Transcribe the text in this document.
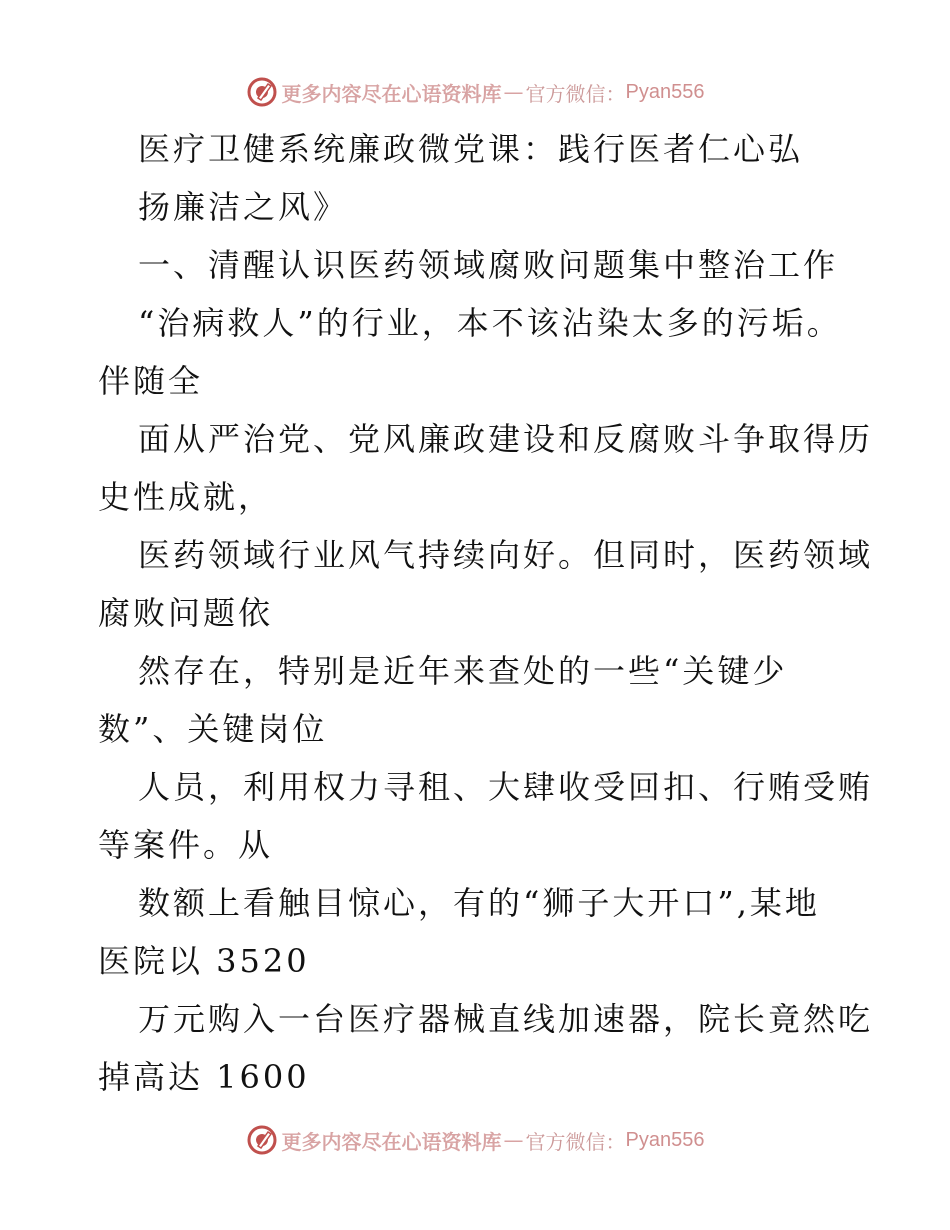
更多内容尽在心语资料库 — 官方微信： Pyan556
医疗卫健系统廉政微党课：践行医者仁心弘
扬廉洁之风》
一、清醒认识医药领域腐败问题集中整治工作
“治病救人”的行业，本不该沾染太多的污垢。
伴随全
面从严治党、党风廉政建设和反腐败斗争取得历
史性成就，
医药领域行业风气持续向好。但同时，医药领域
腐败问题依
然存在，特别是近年来查处的一些“关键少
数”、关键岗位
人员，利用权力寻租、大肆收受回扣、行贿受贿
等案件。从
数额上看触目惊心，有的“狮子大开口”,某地
医院以 3520
万元购入一台医疗器械直线加速器，院长竟然吃
掉高达 1600
更多内容尽在心语资料库 — 官方微信： Pyan556
